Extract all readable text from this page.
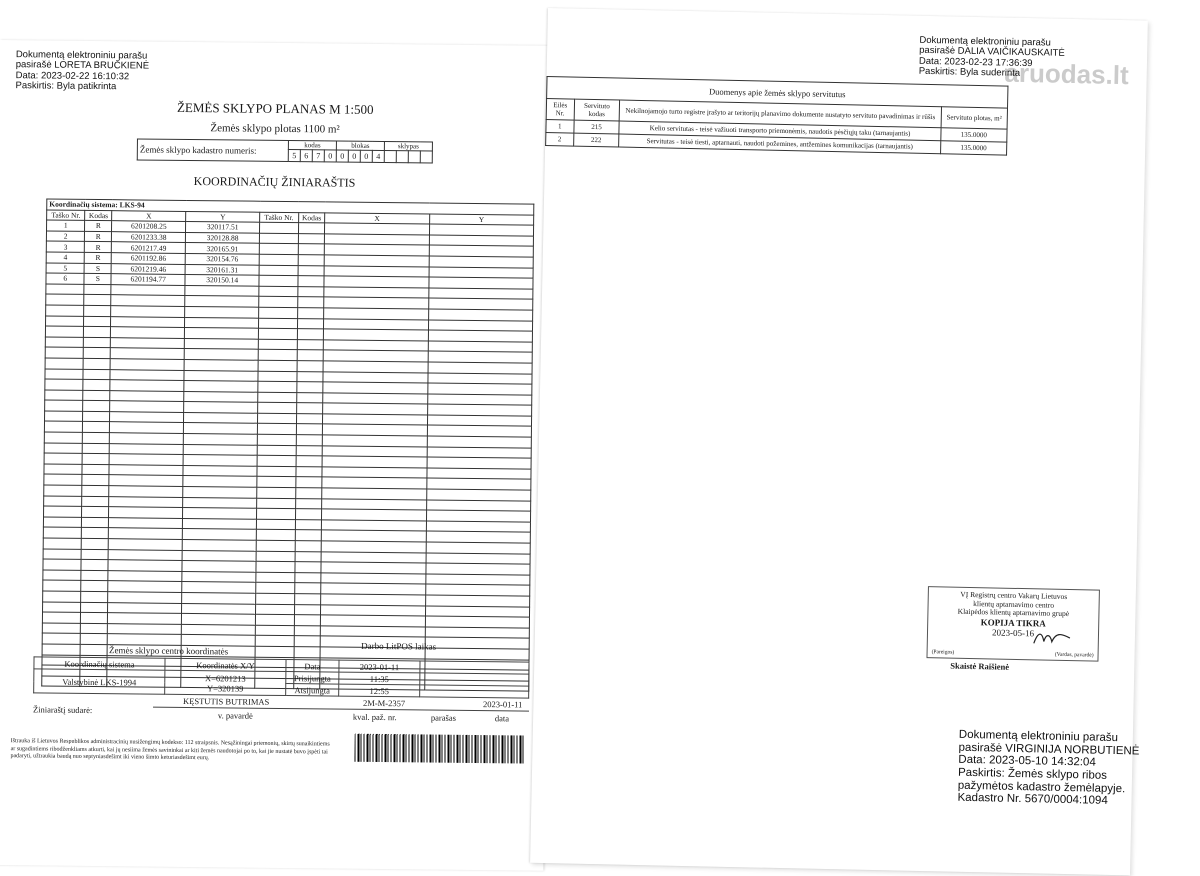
Dokumentą elektroniniu parašu
pasirašė LORETA BRUČKIENĖ
Data: 2023-02-22 16:10:32
Paskirtis: Byla patikrinta
ŽEMĖS SKLYPO PLANAS M 1:500
Žemės sklypo plotas 1100 m²
Žemės sklypo kadastro numeris:	kodas				blokas				sklypas			
	5	6	7	0	0	0	0	4				
KOORDINAČIŲ ŽINIARAŠTIS
Koordinačių sistema: LKS-94							
Taško Nr.	Kodas	X	Y	Taško Nr.	Kodas	X	Y
1	R	6201208.25	320117.51				
2	R	6201233.38	320128.88				
3	R	6201217.49	320165.91				
4	R	6201192.86	320154.76				
5	S	6201219.46	320161.31				
6	S	6201194.77	320150.14				

Žemės sklypo centro koordinatės	Darbo LitPOS laikas
Koordinačių sistema	Koordinatės X/Y	Data	2023-01-11	
Valstybinė LKS-1994	X=6201213
Y=320139	Prisijungta	11:35	
		Atsijungta	12:55	
Žiniaraštį sudarė:
KĘSTUTIS BUTRIMAS	2M-M-2357	2023-01-11
v. pavardė	kval. paž. nr.	parašas	data
Ištrauka iš Lietuvos Respublikos administracinių nusižengimų kodekso: 112 straipsnis. Nesąžiningai priemonių, skirtų sunaikintiems ar sugadintiems ribodženkliams atkurti, kai jų nesiima žemės savininkai ar kiti žemės naudotojai po to, kai jie nustatė buvo įspėti tai padaryti, užtraukia baudą nuo septyniasdešimt iki vieno šimto keturiasdešimt eurų.
aruodas.lt
Dokumentą elektroniniu parašu
pasirašė DALIA VAIČIKAUSKAITĖ
Data: 2023-02-23 17:36:39
Paskirtis: Byla suderinta
Duomenys apie žemės sklypo servitutus
Eilės Nr.	Servituto kodas	Nekilnojamojo turto registre įrašyto ar teritorijų planavimo dokumente nustatyto servituto pavadinimas ir rūšis	Servituto plotas, m²
1	215	Kelio servitutas - teisė važiuoti transporto priemonėmis, naudotis pėsčiųjų taku (tarnaujantis)	135.0000
2	222	Servitutas - teisė tiesti, aptarnauti, naudoti požemines, antžemines komunikacijas (tarnaujantis)	135.0000
VĮ Registrų centro Vakarų Lietuvos
klientų aptarnavimo centro
Klaipėdos klientų aptarnavimo grupė
KOPIJA TIKRA
2023-05-16
(Pareigos)	(Vardas, pavardė)
Skaistė Raišienė
Dokumentą elektroniniu parašu
pasirašė VIRGINIJA NORBUTIENĖ
Data: 2023-05-10 14:32:04
Paskirtis: Žemės sklypo ribos
pažymėtos kadastro žemėlapyje.
Kadastro Nr. 5670/0004:1094
